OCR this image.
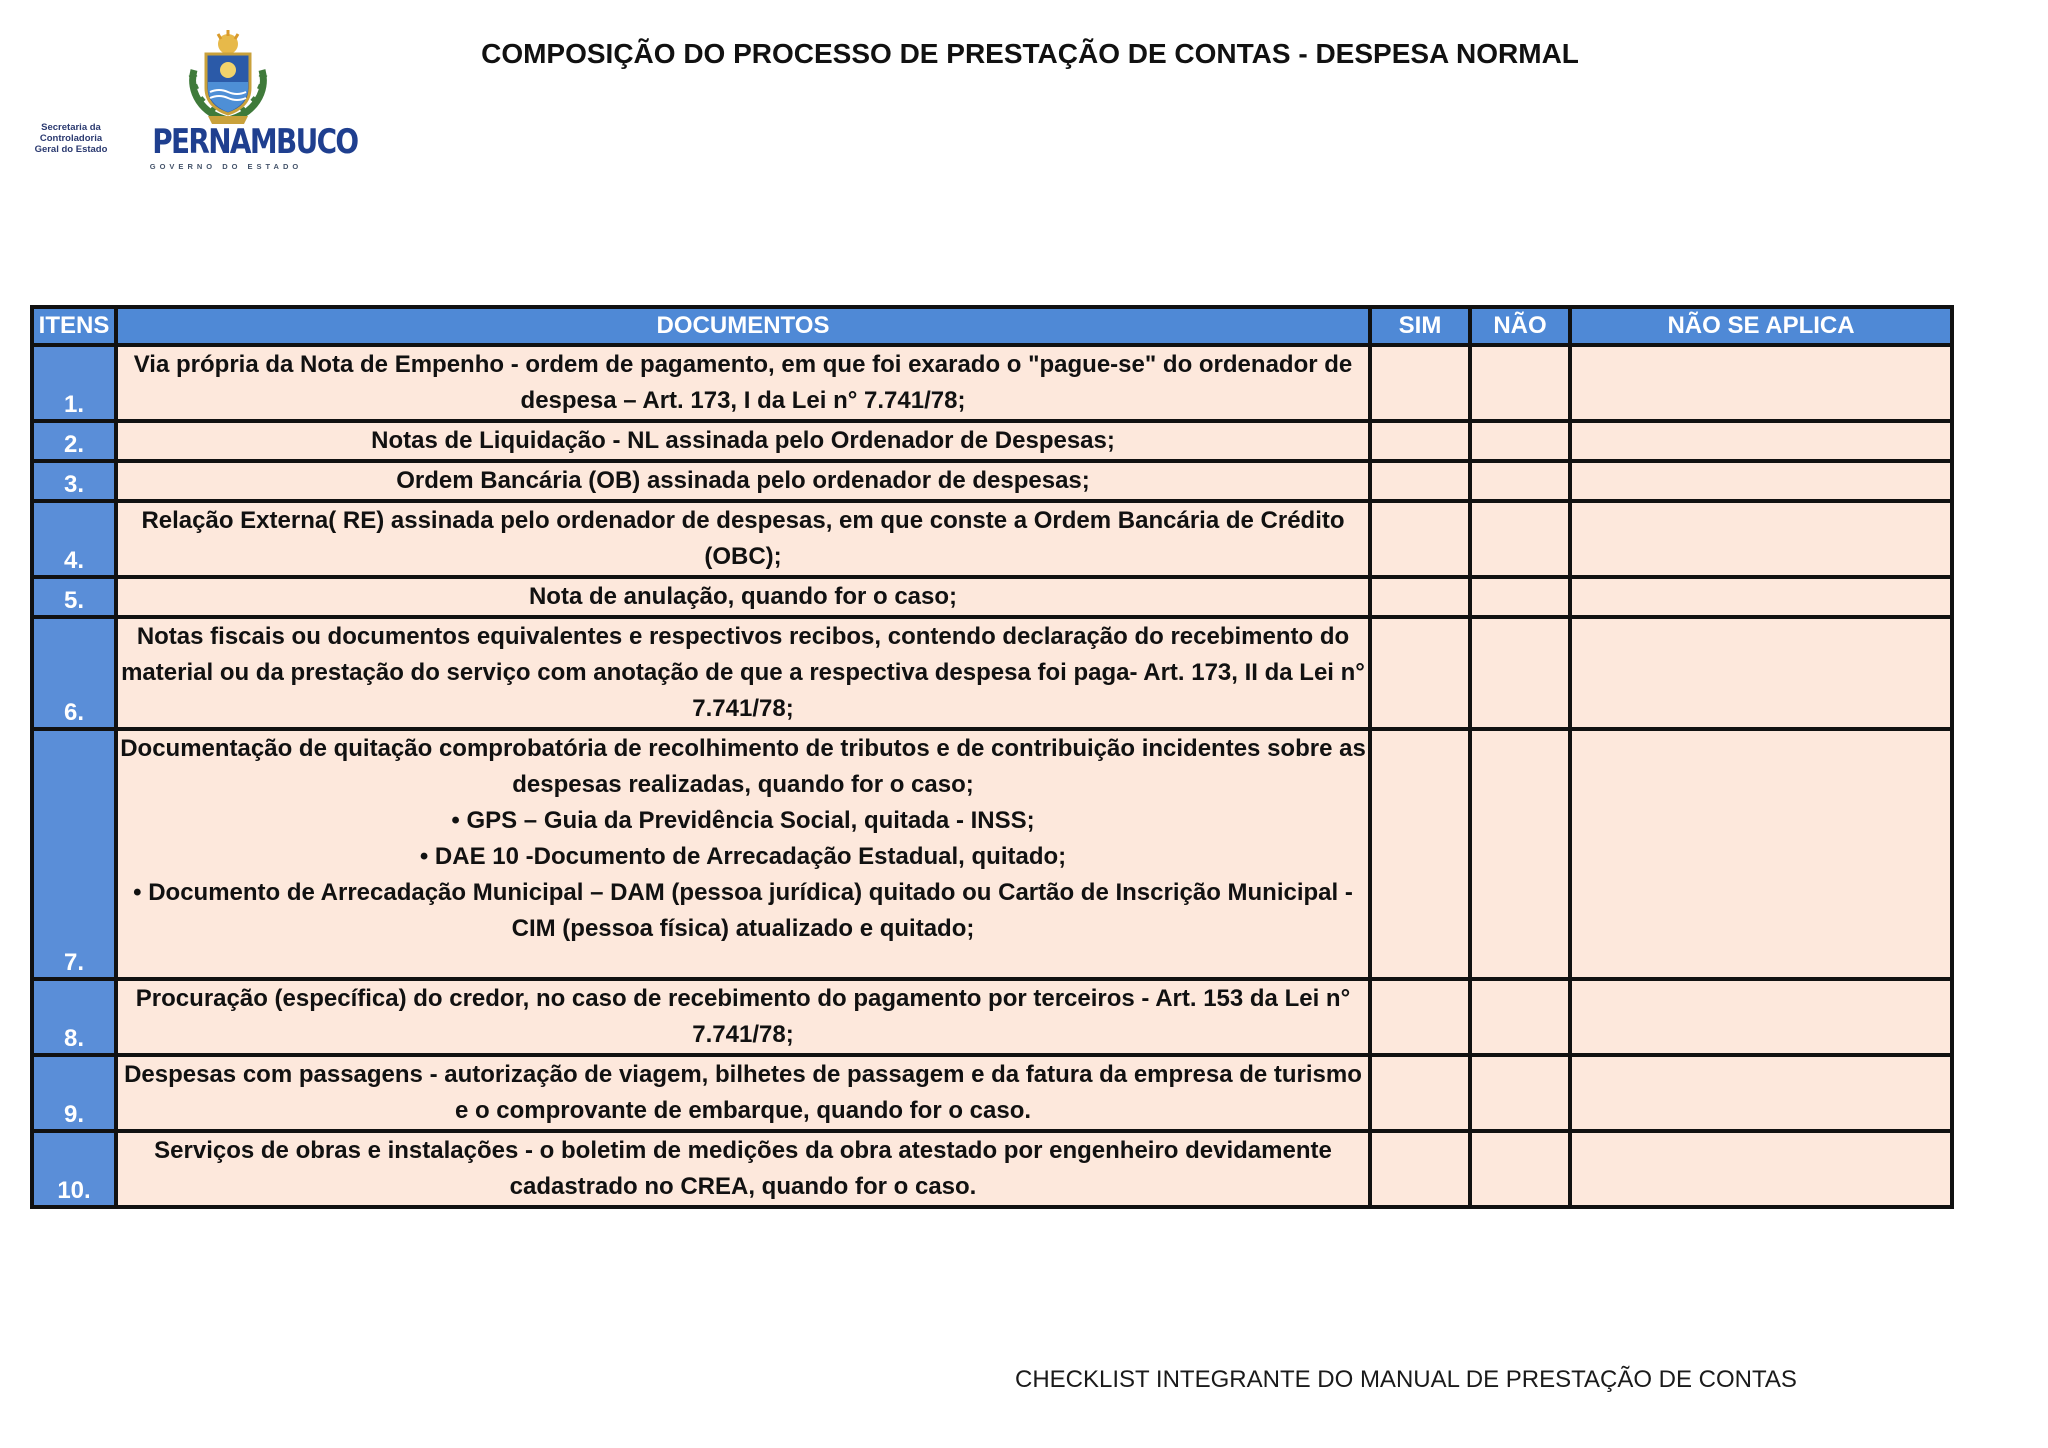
Secretaria da
Controladoria
Geral do Estado PERNAMBUCO
GOVERNO DO ESTADO
COMPOSIÇÃO DO PROCESSO DE PRESTAÇÃO DE CONTAS - DESPESA NORMAL
ITENS	DOCUMENTOS	SIM	NÃO	NÃO SE APLICA
1.	Via própria da Nota de Empenho - ordem de pagamento, em que foi exarado o "pague-se" do ordenador de despesa – Art. 173, I da Lei n° 7.741/78;			
2.	Notas de Liquidação - NL assinada pelo Ordenador de Despesas;			
3.	Ordem Bancária (OB) assinada pelo ordenador de despesas;			
4.	Relação Externa( RE) assinada pelo ordenador de despesas, em que conste a Ordem Bancária de Crédito (OBC);			
5.	Nota de anulação, quando for o caso;			
6.	Notas fiscais ou documentos equivalentes e respectivos recibos, contendo declaração do recebimento do material ou da prestação do serviço com anotação de que a respectiva despesa foi paga- Art. 173, II da Lei n° 7.741/78;			
7.	Documentação de quitação comprobatória de recolhimento de tributos e de contribuição incidentes sobre as despesas realizadas, quando for o caso;
• GPS – Guia da Previdência Social, quitada - INSS;
• DAE 10 -Documento de Arrecadação Estadual, quitado;
• Documento de Arrecadação Municipal – DAM (pessoa jurídica) quitado ou Cartão de Inscrição Municipal - CIM (pessoa física) atualizado e quitado;			

8.	Procuração (específica) do credor, no caso de recebimento do pagamento por terceiros - Art. 153 da Lei n° 7.741/78;			
9.	Despesas com passagens - autorização de viagem, bilhetes de passagem e da fatura da empresa de turismo e o comprovante de embarque, quando for o caso.			
10.	Serviços de obras e instalações - o boletim de medições da obra atestado por engenheiro devidamente cadastrado no CREA, quando for o caso.			
CHECKLIST INTEGRANTE DO MANUAL DE PRESTAÇÃO DE CONTAS
